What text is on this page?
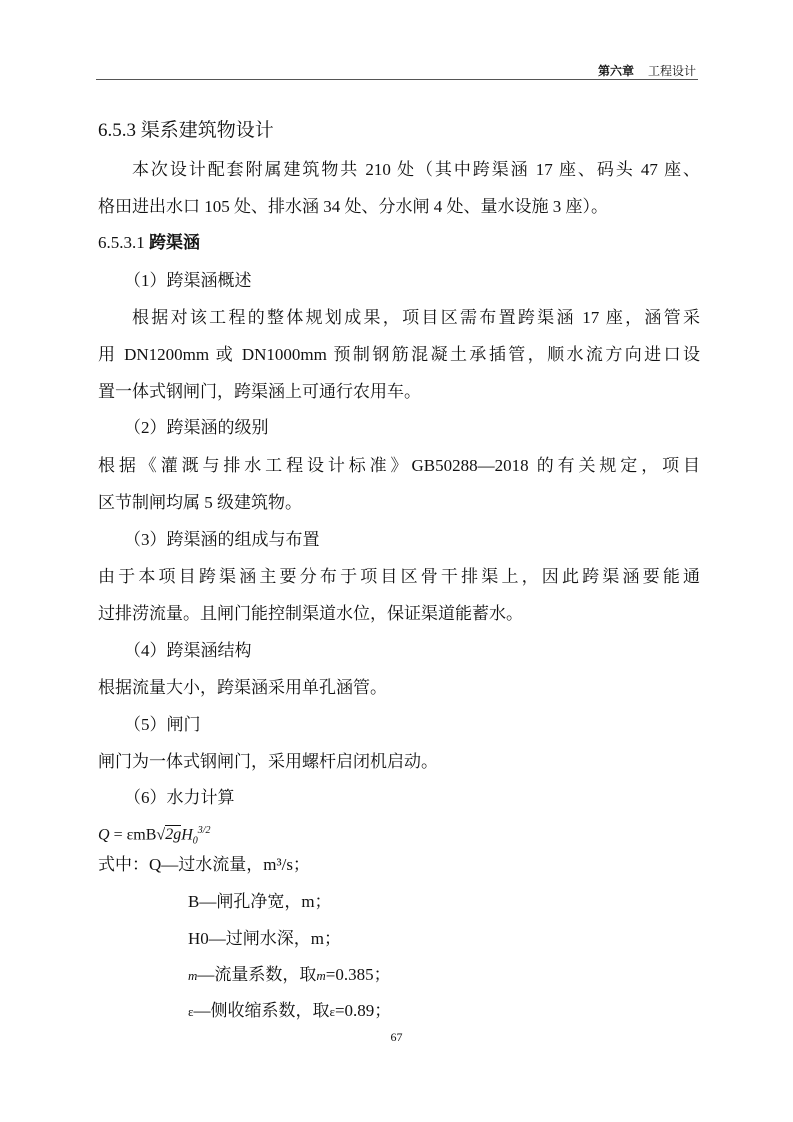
第六章 工程设计
6.5.3 渠系建筑物设计
本次设计配套附属建筑物共 210 处（其中跨渠涵 17 座、码头 47 座、
格田进出水口 105 处、排水涵 34 处、分水闸 4 处、量水设施 3 座）。
6.5.3.1 跨渠涵
（1）跨渠涵概述
根据对该工程的整体规划成果，项目区需布置跨渠涵 17 座，涵管采
用 DN1200mm 或 DN1000mm 预制钢筋混凝土承插管，顺水流方向进口设
置一体式钢闸门，跨渠涵上可通行农用车。
（2）跨渠涵的级别
根据《灌溉与排水工程设计标准》GB50288—2018 的有关规定，项目
区节制闸均属 5 级建筑物。
（3）跨渠涵的组成与布置
由于本项目跨渠涵主要分布于项目区骨干排渠上，因此跨渠涵要能通
过排涝流量。且闸门能控制渠道水位，保证渠道能蓄水。
（4）跨渠涵结构
根据流量大小，跨渠涵采用单孔涵管。
（5）闸门
闸门为一体式钢闸门，采用螺杆启闭机启动。
（6）水力计算
$Q = \varepsilon mB√2gH_0^{3/2}$
式中：Q—过水流量，m³/s；
B—闸孔净宽，m；
H0—过闸水深，m；
m—流量系数，取m=0.385；
ε—侧收缩系数，取ε=0.89；
67
